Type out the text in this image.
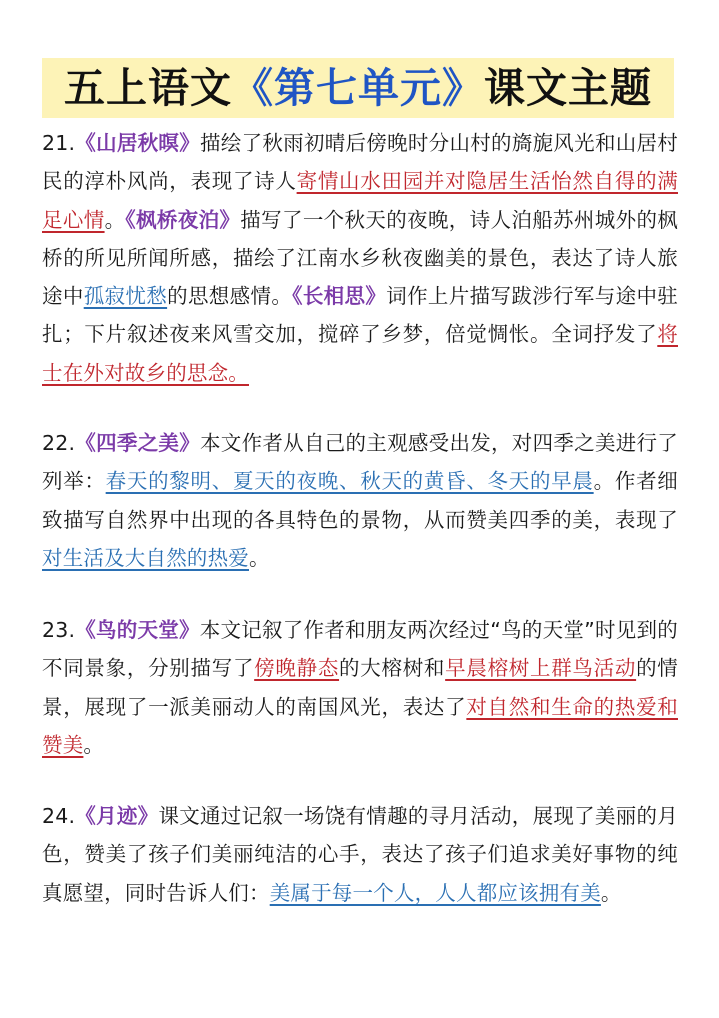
五上语文《第七单元》课文主题
21.《山居秋暝》描绘了秋雨初晴后傍晚时分山村的旖旎风光和山居村民的淳朴风尚，表现了诗人寄情山水田园并对隐居生活怡然自得的满足心情。《枫桥夜泊》描写了一个秋天的夜晚，诗人泊船苏州城外的枫桥的所见所闻所感，描绘了江南水乡秋夜幽美的景色，表达了诗人旅途中孤寂忧愁的思想感情。《长相思》词作上片描写跋涉行军与途中驻扎；下片叙述夜来风雪交加，搅碎了乡梦，倍觉惆怅。全词抒发了将士在外对故乡的思念。
22.《四季之美》本文作者从自己的主观感受出发，对四季之美进行了列举：春天的黎明、夏天的夜晚、秋天的黄昏、冬天的早晨。作者细致描写自然界中出现的各具特色的景物，从而赞美四季的美，表现了对生活及大自然的热爱。
23.《鸟的天堂》本文记叙了作者和朋友两次经过“鸟的天堂”时见到的不同景象，分别描写了傍晚静态的大榕树和早晨榕树上群鸟活动的情景，展现了一派美丽动人的南国风光，表达了对自然和生命的热爱和赞美。
24.《月迹》课文通过记叙一场饶有情趣的寻月活动，展现了美丽的月色，赞美了孩子们美丽纯洁的心手，表达了孩子们追求美好事物的纯真愿望，同时告诉人们：美属于每一个人，人人都应该拥有美。
